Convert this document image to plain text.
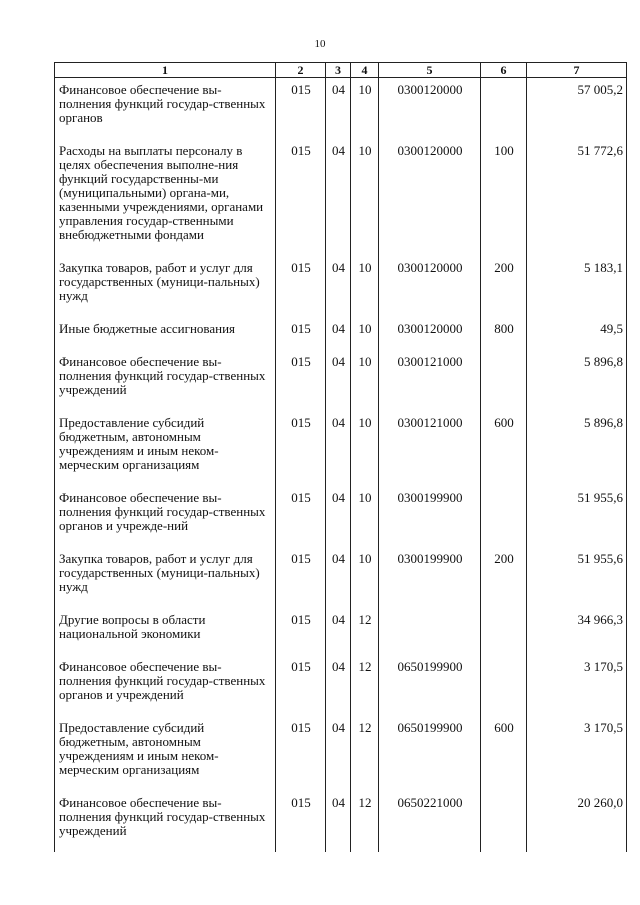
10
1	2	3	4	5	6	7
Финансовое обеспечение вы-полнения функций государ-ственных органов	015	04	10	0300120000		57 005,2
Расходы на выплаты персоналу в целях обеспечения выполне-ния функций государственны-ми (муниципальными) органа-ми, казенными учреждениями, органами управления государ-ственными внебюджетными фондами	015	04	10	0300120000	100	51 772,6
Закупка товаров, работ и услуг для государственных (муници-пальных) нужд	015	04	10	0300120000	200	5 183,1
Иные бюджетные ассигнования	015	04	10	0300120000	800	49,5
Финансовое обеспечение вы-полнения функций государ-ственных учреждений	015	04	10	0300121000		5 896,8
Предоставление субсидий бюджетным, автономным учреждениям и иным неком-мерческим организациям	015	04	10	0300121000	600	5 896,8
Финансовое обеспечение вы-полнения функций государ-ственных органов и учрежде-ний	015	04	10	0300199900		51 955,6
Закупка товаров, работ и услуг для государственных (муници-пальных) нужд	015	04	10	0300199900	200	51 955,6
Другие вопросы в области национальной экономики	015	04	12			34 966,3
Финансовое обеспечение вы-полнения функций государ-ственных органов и учреждений	015	04	12	0650199900		3 170,5
Предоставление субсидий бюджетным, автономным учреждениям и иным неком-мерческим организациям	015	04	12	0650199900	600	3 170,5
Финансовое обеспечение вы-полнения функций государ-ственных учреждений	015	04	12	0650221000		20 260,0
